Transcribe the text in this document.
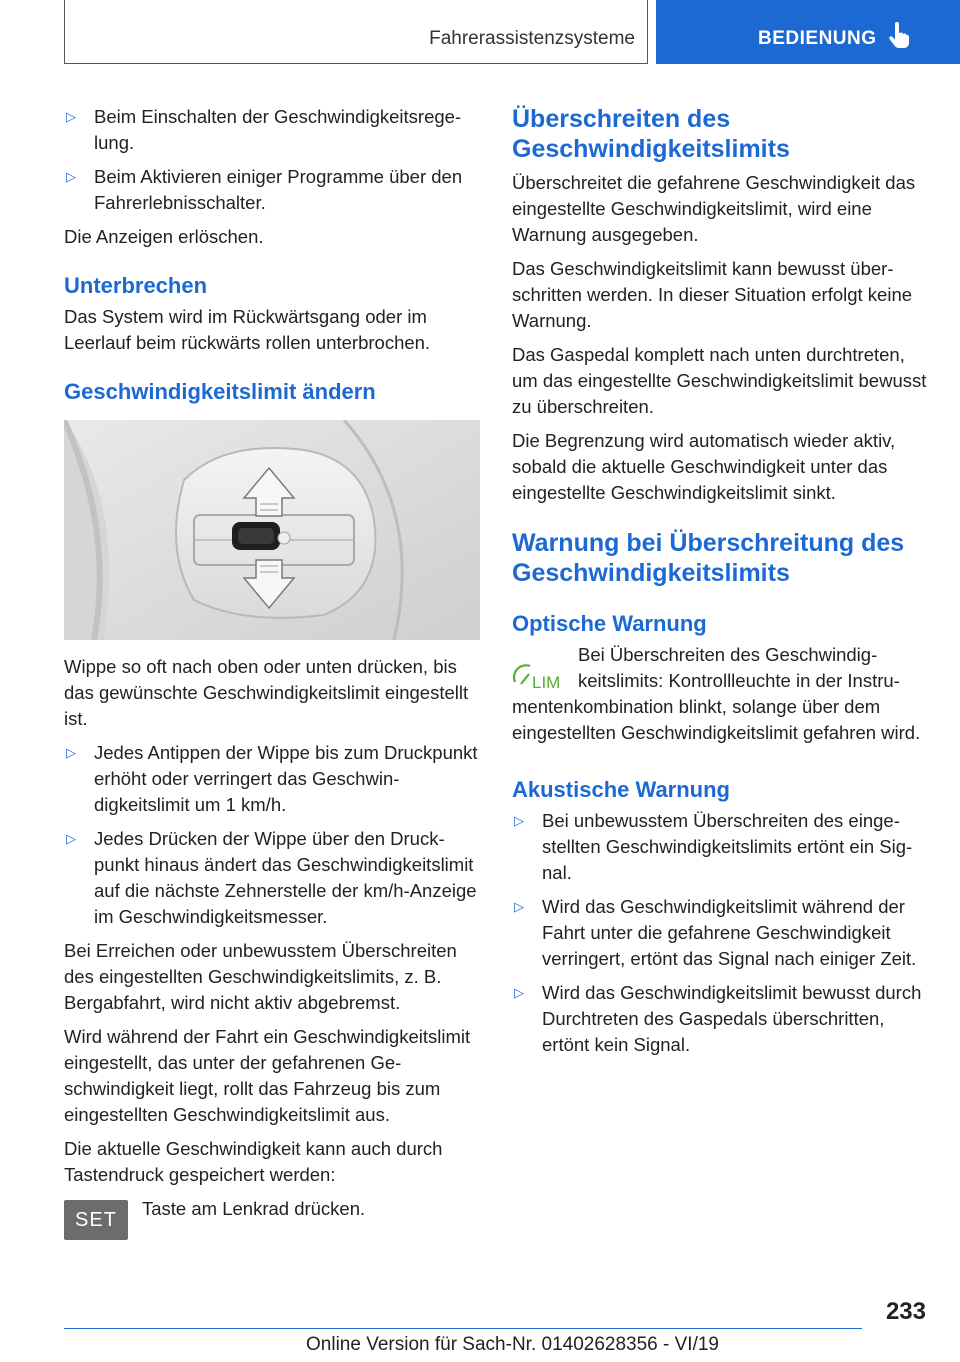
Fahrerassistenzsysteme	BEDIENUNG
▷ Beim Einschalten der Geschwindigkeitsregelung.
▷ Beim Aktivieren einiger Programme über den Fahrerlebnisschalter.

Die Anzeigen erlöschen.

Unterbrechen

Das System wird im Rückwärtsgang oder im Leerlauf beim rückwärts rollen unterbrochen.

Geschwindigkeitslimit ändern

Wippe so oft nach oben oder unten drücken, bis das gewünschte Geschwindigkeitslimit eingestellt ist.

▷ Jedes Antippen der Wippe bis zum Druckpunkt erhöht oder verringert das Geschwindigkeitslimit um 1 km/h.
▷ Jedes Drücken der Wippe über den Druckpunkt hinaus ändert das Geschwindigkeitslimit auf die nächste Zehnerstelle der km/h-Anzeige im Geschwindigkeitsmesser.

Bei Erreichen oder unbewusstem Überschreiten des eingestellten Geschwindigkeitslimits, z. B. Bergabfahrt, wird nicht aktiv abgebremst.

Wird während der Fahrt ein Geschwindigkeitslimit eingestellt, das unter der gefahrenen Geschwindigkeit liegt, rollt das Fahrzeug bis zum eingestellten Geschwindigkeitslimit aus.

Die aktuelle Geschwindigkeit kann auch durch Tastendruck gespeichert werden:

SET
Taste am Lenkrad drücken.
Überschreiten des Geschwindigkeitslimits

Überschreitet die gefahrene Geschwindigkeit das eingestellte Geschwindigkeitslimit, wird eine Warnung ausgegeben.

Das Geschwindigkeitslimit kann bewusst überschritten werden. In dieser Situation erfolgt keine Warnung.

Das Gaspedal komplett nach unten durchtreten, um das eingestellte Geschwindigkeitslimit bewusst zu überschreiten.

Die Begrenzung wird automatisch wieder aktiv, sobald die aktuelle Geschwindigkeit unter das eingestellte Geschwindigkeitslimit sinkt.

Warnung bei Überschreitung des Geschwindigkeitslimits
Optische Warnung

LIM
Bei Überschreiten des Geschwindigkeitslimits: Kontrollleuchte in der Instrumentenkombination blinkt, solange über dem eingestellten Geschwindigkeitslimit gefahren wird.

Akustische Warnung
▷ Bei unbewusstem Überschreiten des eingestellten Geschwindigkeitslimits ertönt ein Signal.
▷ Wird das Geschwindigkeitslimit während der Fahrt unter die gefahrene Geschwindigkeit verringert, ertönt das Signal nach einiger Zeit.
▷ Wird das Geschwindigkeitslimit bewusst durch Durchtreten des Gaspedals überschritten, ertönt kein Signal.
233
Online Version für Sach-Nr. 01402628356 - VI/19
